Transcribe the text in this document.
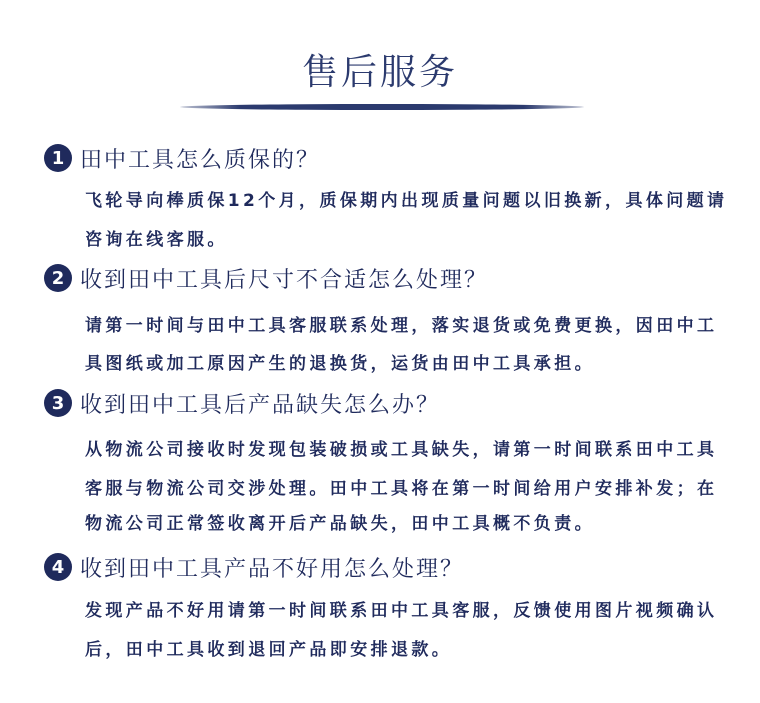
售后服务
1 田中工具怎么质保的？
飞轮导向棒质保12个月，质保期内出现质量问题以旧换新，具体问题请
咨询在线客服。
2 收到田中工具后尺寸不合适怎么处理？
请第一时间与田中工具客服联系处理，落实退货或免费更换，因田中工
具图纸或加工原因产生的退换货，运货由田中工具承担。
3 收到田中工具后产品缺失怎么办？
从物流公司接收时发现包装破损或工具缺失，请第一时间联系田中工具
客服与物流公司交涉处理。田中工具将在第一时间给用户安排补发；在
物流公司正常签收离开后产品缺失，田中工具概不负责。
4 收到田中工具产品不好用怎么处理？
发现产品不好用请第一时间联系田中工具客服，反馈使用图片视频确认
后，田中工具收到退回产品即安排退款。
